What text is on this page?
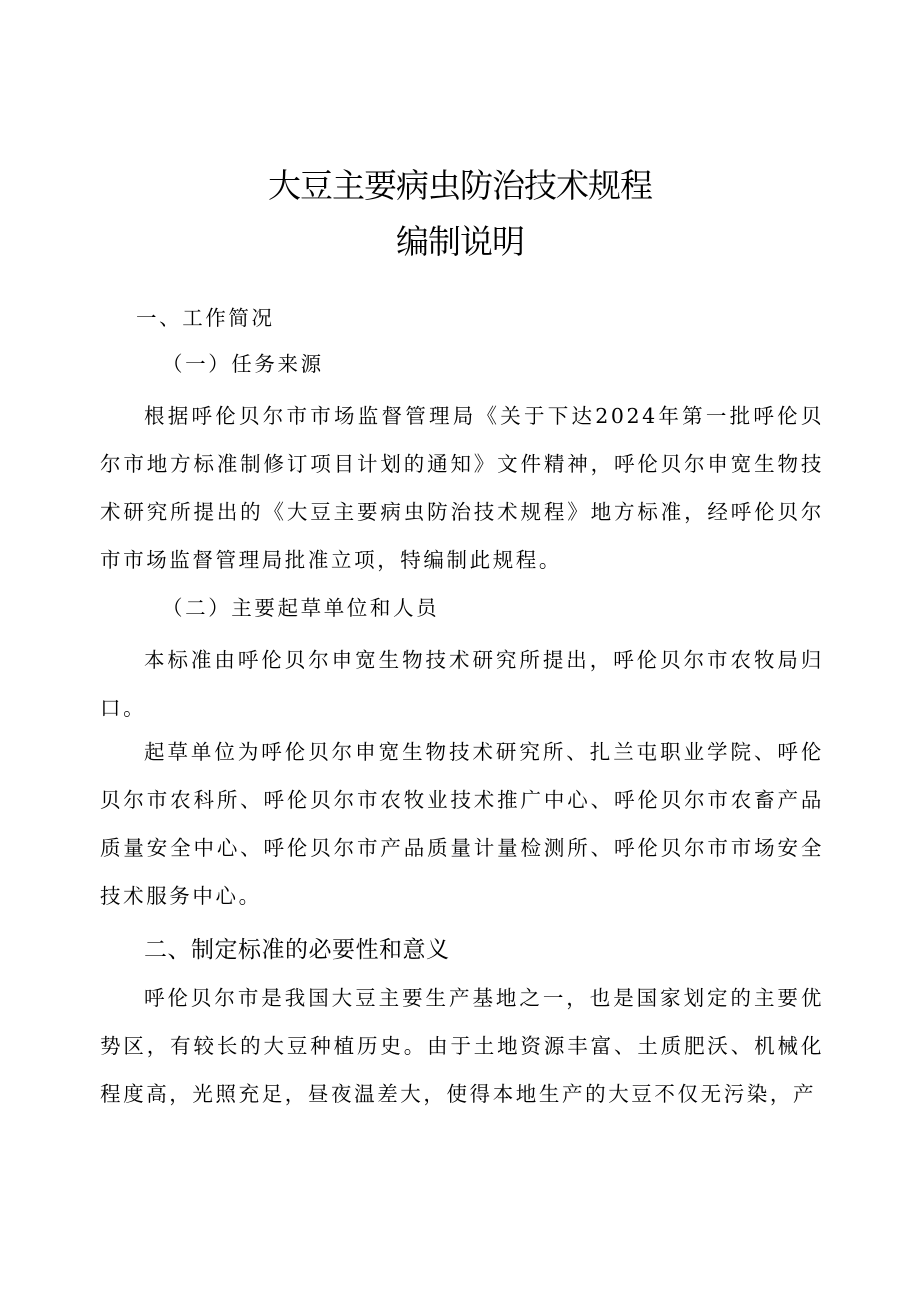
大豆主要病虫防治技术规程
编制说明

一、工作简况

（一）任务来源

根据呼伦贝尔市市场监督管理局《关于下达2024年第一批呼伦贝尔市地方标准制修订项目计划的通知》文件精神，呼伦贝尔申宽生物技术研究所提出的《大豆主要病虫防治技术规程》地方标准，经呼伦贝尔市市场监督管理局批准立项，特编制此规程。

（二）主要起草单位和人员

本标准由呼伦贝尔申宽生物技术研究所提出，呼伦贝尔市农牧局归口。

起草单位为呼伦贝尔申宽生物技术研究所、扎兰屯职业学院、呼伦贝尔市农科所、呼伦贝尔市农牧业技术推广中心、呼伦贝尔市农畜产品质量安全中心、呼伦贝尔市产品质量计量检测所、呼伦贝尔市市场安全技术服务中心。

二、制定标准的必要性和意义

呼伦贝尔市是我国大豆主要生产基地之一，也是国家划定的主要优势区，有较长的大豆种植历史。由于土地资源丰富、土质肥沃、机械化程度高，光照充足，昼夜温差大，使得本地生产的大豆不仅无污染，产
